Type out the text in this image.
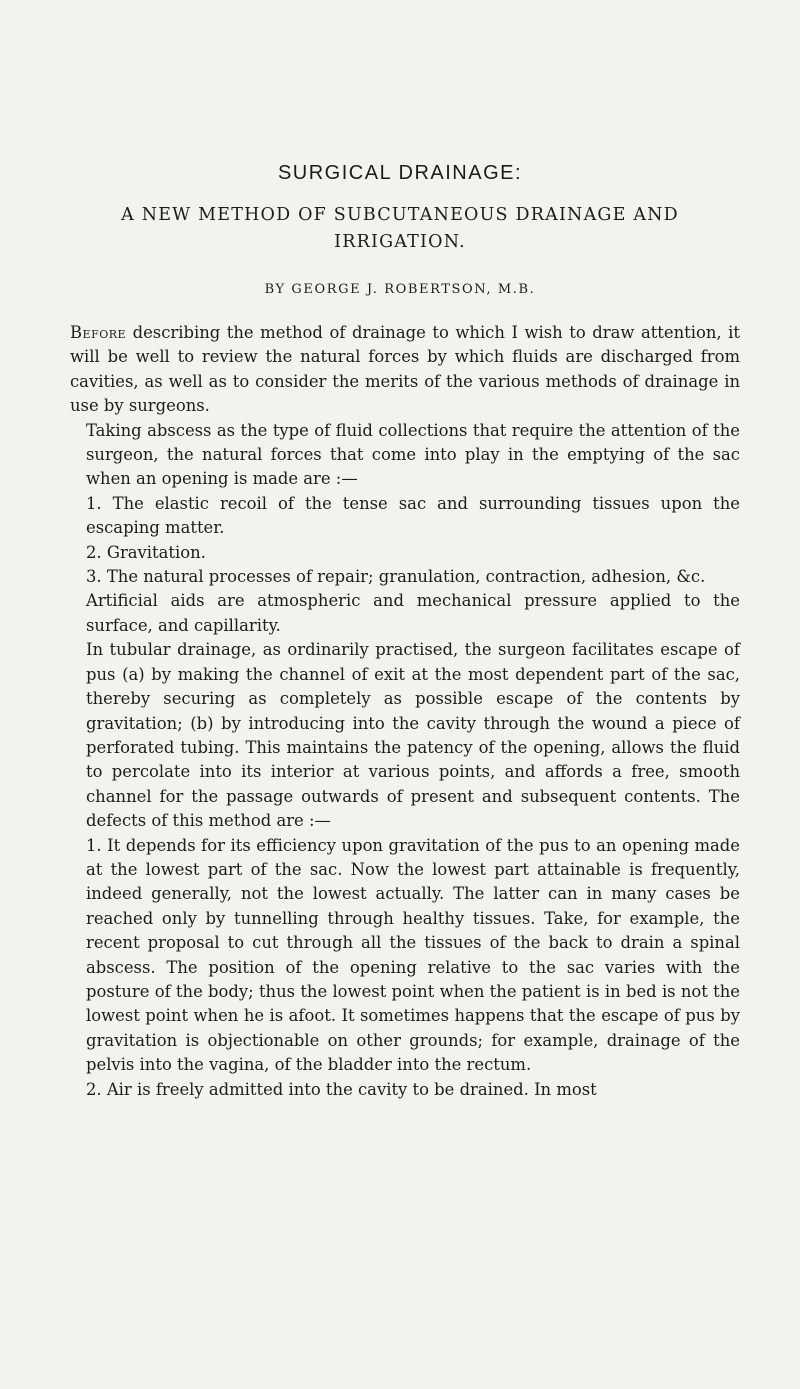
SURGICAL DRAINAGE:
A NEW METHOD OF SUBCUTANEOUS DRAINAGE AND IRRIGATION.
BY GEORGE J. ROBERTSON, M.B.

Before describing the method of drainage to which I wish to draw attention, it will be well to review the natural forces by which fluids are discharged from cavities, as well as to consider the merits of the various methods of drainage in use by surgeons.

Taking abscess as the type of fluid collections that require the attention of the surgeon, the natural forces that come into play in the emptying of the sac when an opening is made are :—

1. The elastic recoil of the tense sac and surrounding tissues upon the escaping matter.

2. Gravitation.

3. The natural processes of repair; granulation, contraction, adhesion, &c.

Artificial aids are atmospheric and mechanical pressure applied to the surface, and capillarity.

In tubular drainage, as ordinarily practised, the surgeon facilitates escape of pus (a) by making the channel of exit at the most dependent part of the sac, thereby securing as completely as possible escape of the contents by gravitation; (b) by introducing into the cavity through the wound a piece of perforated tubing. This maintains the patency of the opening, allows the fluid to percolate into its interior at various points, and affords a free, smooth channel for the passage outwards of present and subsequent contents. The defects of this method are :—

1. It depends for its efficiency upon gravitation of the pus to an opening made at the lowest part of the sac. Now the lowest part attainable is frequently, indeed generally, not the lowest actually. The latter can in many cases be reached only by tunnelling through healthy tissues. Take, for example, the recent proposal to cut through all the tissues of the back to drain a spinal abscess. The position of the opening relative to the sac varies with the posture of the body; thus the lowest point when the patient is in bed is not the lowest point when he is afoot. It sometimes happens that the escape of pus by gravitation is objectionable on other grounds; for example, drainage of the pelvis into the vagina, of the bladder into the rectum.

2. Air is freely admitted into the cavity to be drained. In most
